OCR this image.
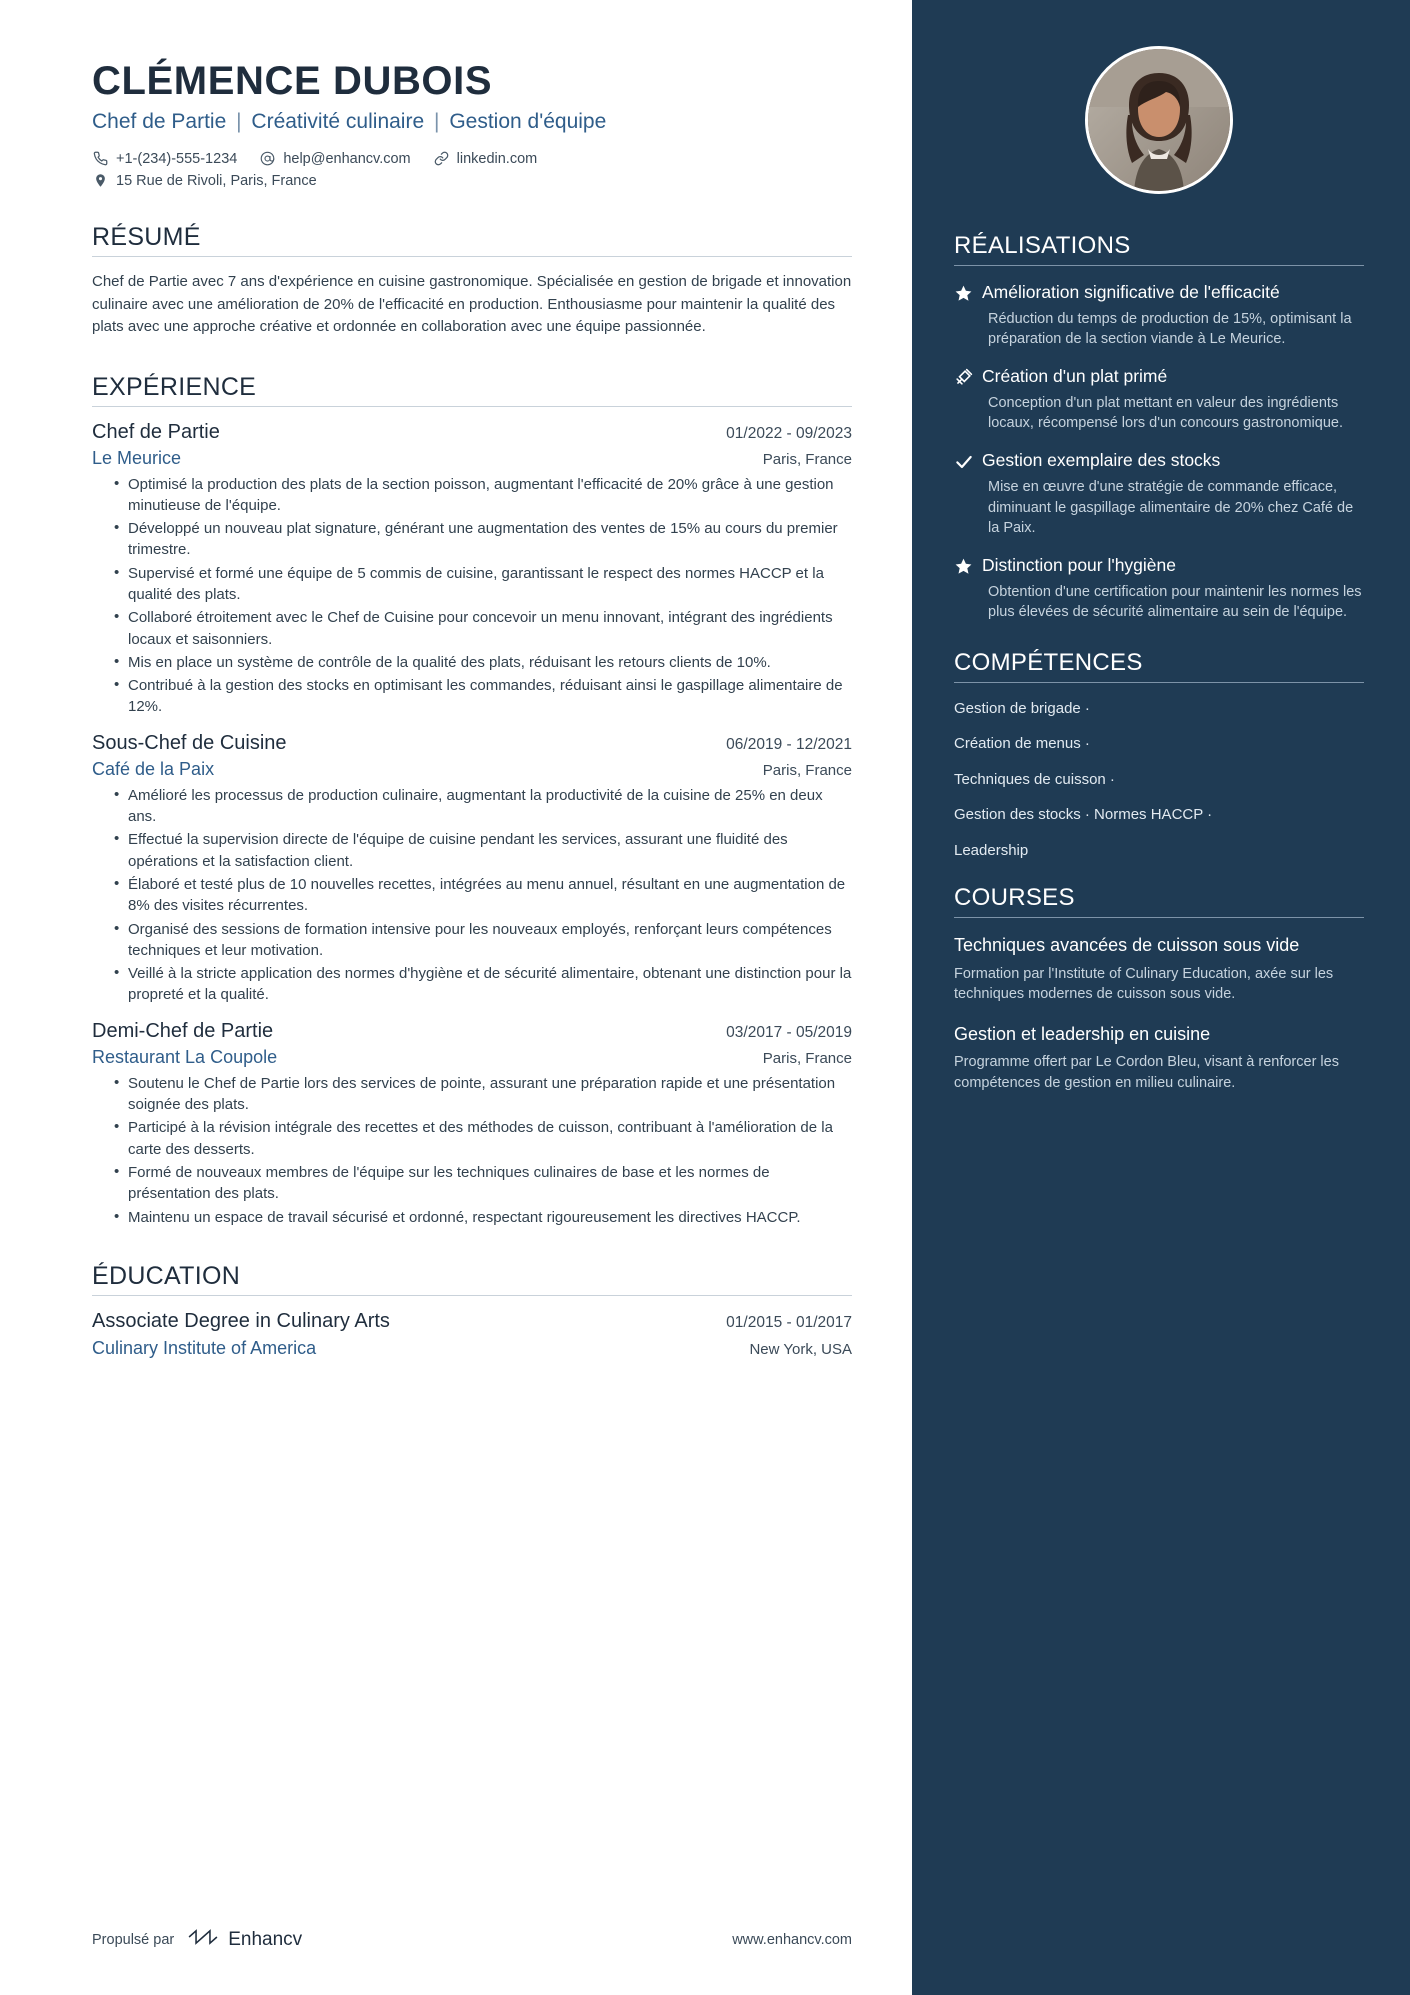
CLÉMENCE DUBOIS
Chef de Partie | Créativité culinaire | Gestion d'équipe
+1-(234)-555-1234	help@enhancv.com	linkedin.com
15 Rue de Rivoli, Paris, France
RÉSUMÉ
Chef de Partie avec 7 ans d'expérience en cuisine gastronomique. Spécialisée en gestion de brigade et innovation culinaire avec une amélioration de 20% de l'efficacité en production. Enthousiasme pour maintenir la qualité des plats avec une approche créative et ordonnée en collaboration avec une équipe passionnée.
EXPÉRIENCE
Chef de Partie	01/2022 - 09/2023
Le Meurice	Paris, France
• Optimisé la production des plats de la section poisson, augmentant l'efficacité de 20% grâce à une gestion minutieuse de l'équipe.
• Développé un nouveau plat signature, générant une augmentation des ventes de 15% au cours du premier trimestre.
• Supervisé et formé une équipe de 5 commis de cuisine, garantissant le respect des normes HACCP et la qualité des plats.
• Collaboré étroitement avec le Chef de Cuisine pour concevoir un menu innovant, intégrant des ingrédients locaux et saisonniers.
• Mis en place un système de contrôle de la qualité des plats, réduisant les retours clients de 10%.
• Contribué à la gestion des stocks en optimisant les commandes, réduisant ainsi le gaspillage alimentaire de 12%.
Sous-Chef de Cuisine	06/2019 - 12/2021
Café de la Paix	Paris, France
• Amélioré les processus de production culinaire, augmentant la productivité de la cuisine de 25% en deux ans.
• Effectué la supervision directe de l'équipe de cuisine pendant les services, assurant une fluidité des opérations et la satisfaction client.
• Élaboré et testé plus de 10 nouvelles recettes, intégrées au menu annuel, résultant en une augmentation de 8% des visites récurrentes.
• Organisé des sessions de formation intensive pour les nouveaux employés, renforçant leurs compétences techniques et leur motivation.
• Veillé à la stricte application des normes d'hygiène et de sécurité alimentaire, obtenant une distinction pour la propreté et la qualité.
Demi-Chef de Partie	03/2017 - 05/2019
Restaurant La Coupole	Paris, France
• Soutenu le Chef de Partie lors des services de pointe, assurant une préparation rapide et une présentation soignée des plats.
• Participé à la révision intégrale des recettes et des méthodes de cuisson, contribuant à l'amélioration de la carte des desserts.
• Formé de nouveaux membres de l'équipe sur les techniques culinaires de base et les normes de présentation des plats.
• Maintenu un espace de travail sécurisé et ordonné, respectant rigoureusement les directives HACCP.
ÉDUCATION
Associate Degree in Culinary Arts	01/2015 - 01/2017
Culinary Institute of America	New York, USA
Propulsé par	Enhancv	www.enhancv.com
RÉALISATIONS
Amélioration significative de l'efficacité
Réduction du temps de production de 15%, optimisant la préparation de la section viande à Le Meurice.
Création d'un plat primé
Conception d'un plat mettant en valeur des ingrédients locaux, récompensé lors d'un concours gastronomique.
Gestion exemplaire des stocks
Mise en œuvre d'une stratégie de commande efficace, diminuant le gaspillage alimentaire de 20% chez Café de la Paix.
Distinction pour l'hygiène
Obtention d'une certification pour maintenir les normes les plus élevées de sécurité alimentaire au sein de l'équipe.
COMPÉTENCES
Gestion de brigade ·
Création de menus ·
Techniques de cuisson ·
Gestion des stocks · Normes HACCP ·
Leadership
COURSES
Techniques avancées de cuisson sous vide
Formation par l'Institute of Culinary Education, axée sur les techniques modernes de cuisson sous vide.
Gestion et leadership en cuisine
Programme offert par Le Cordon Bleu, visant à renforcer les compétences de gestion en milieu culinaire.
